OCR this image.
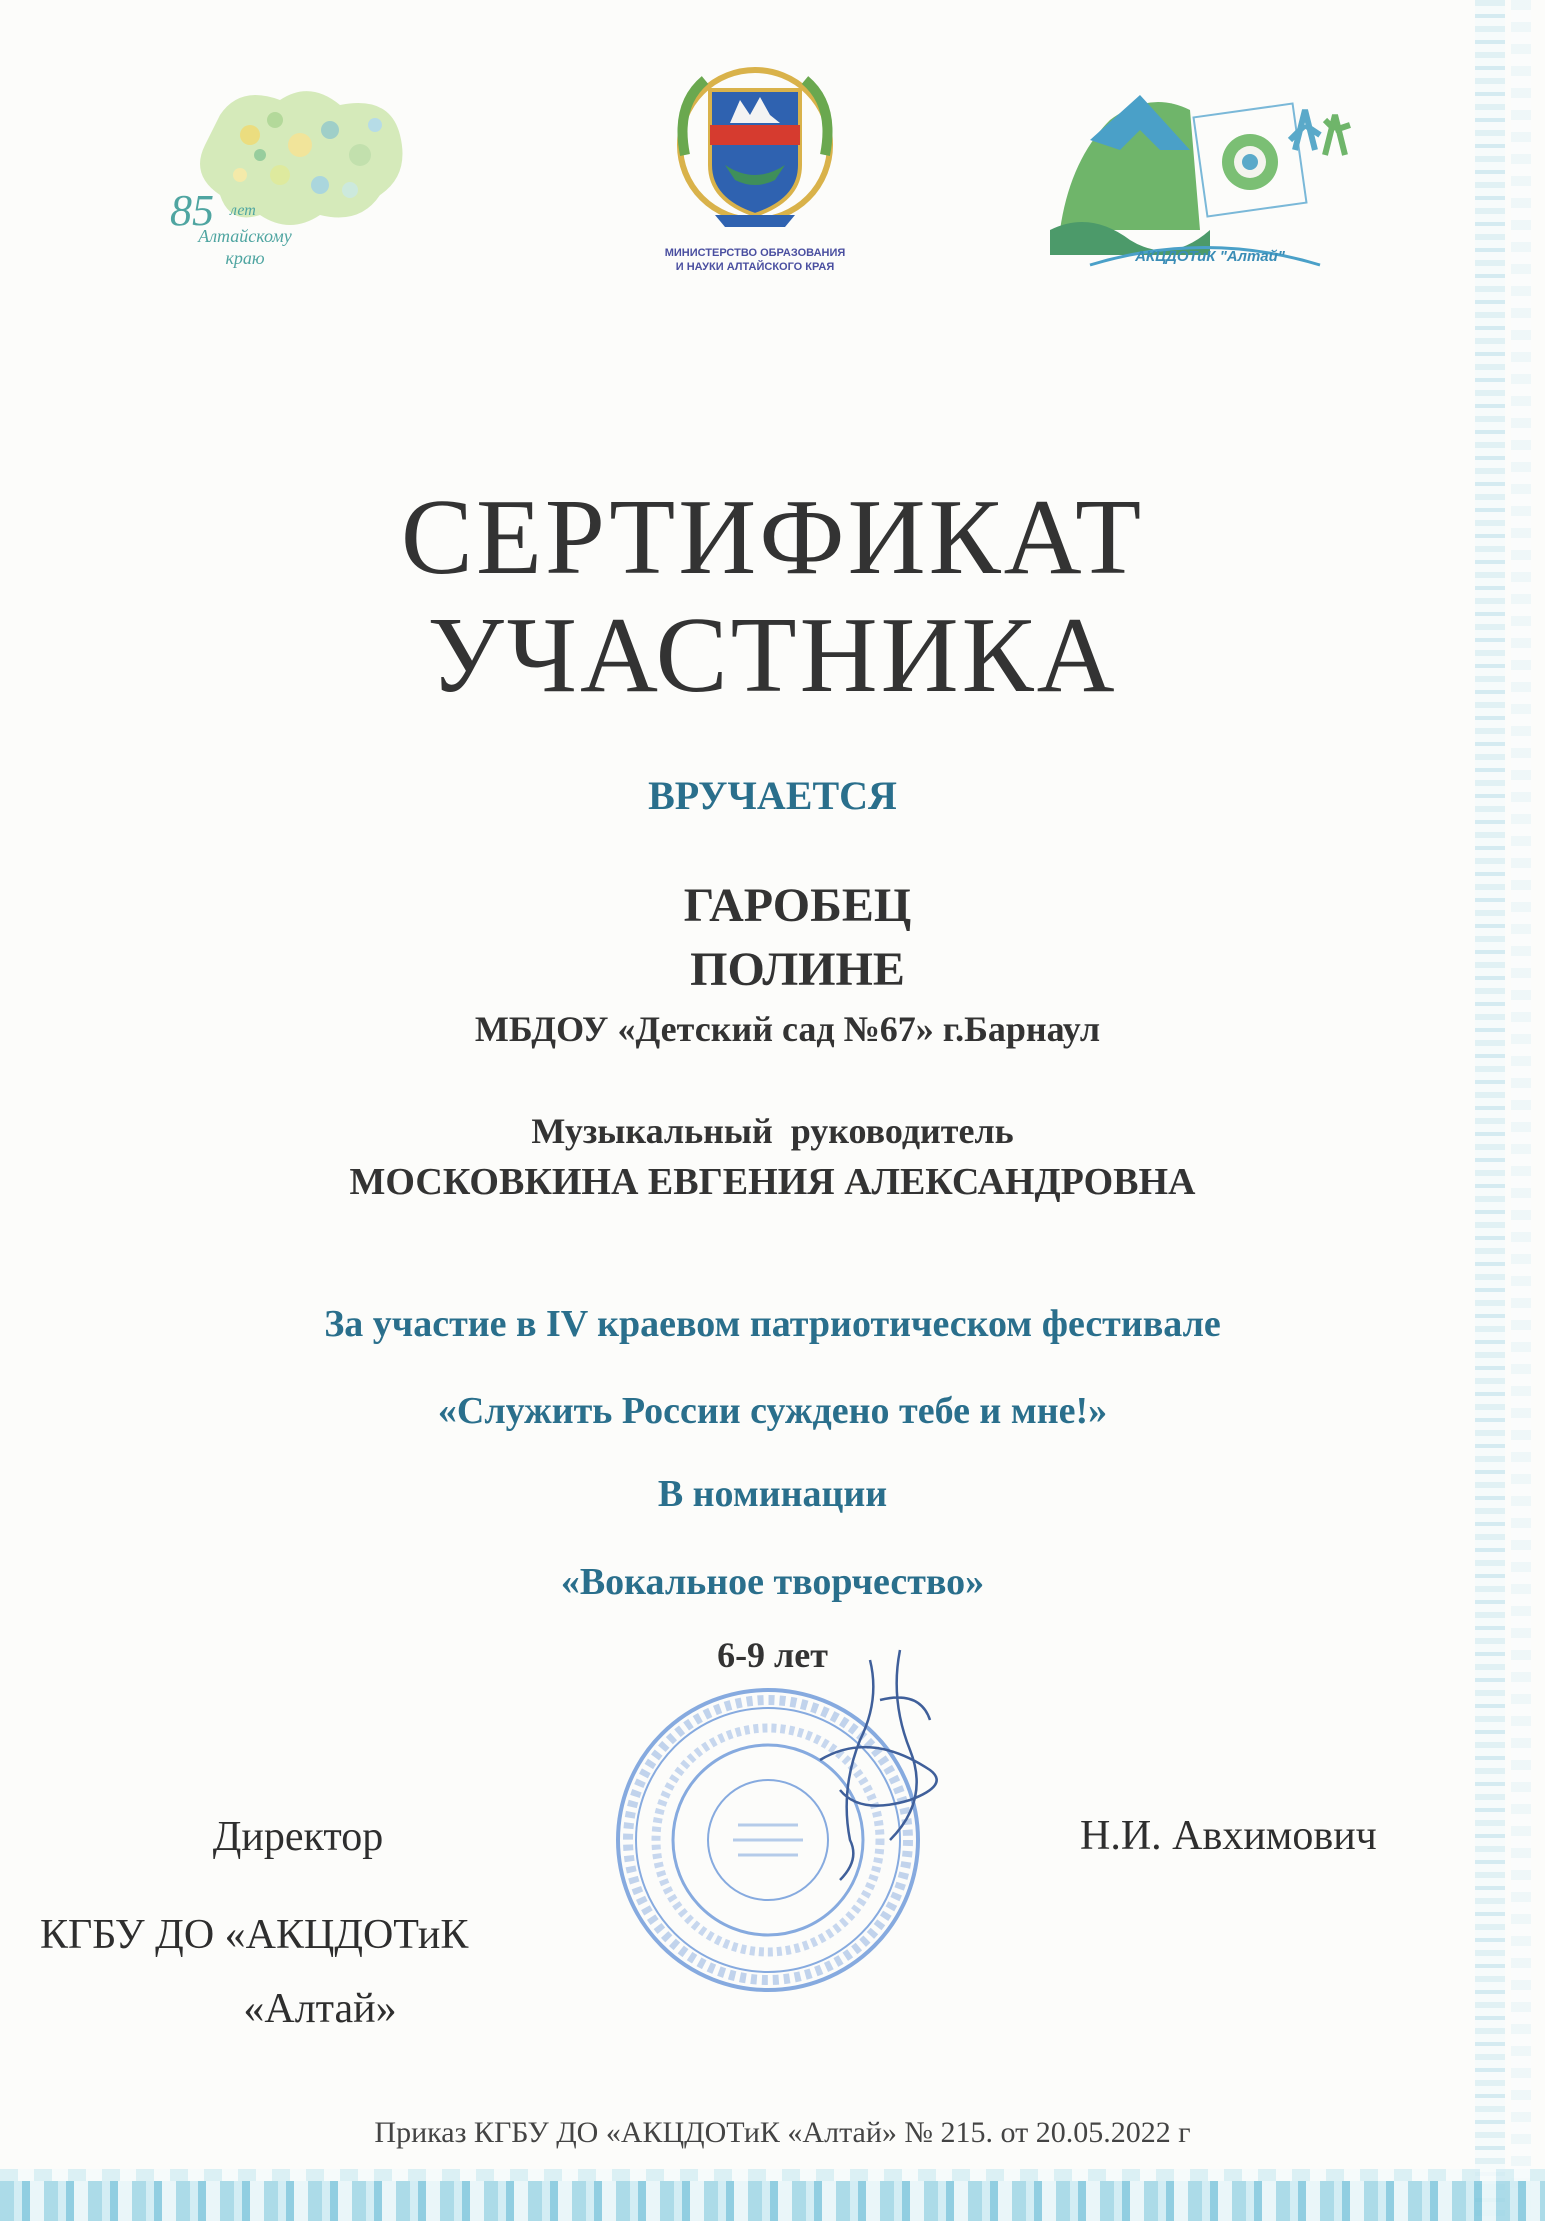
85 лет
Алтайскому
краю	МИНИСТЕРСТВО ОБРАЗОВАНИЯ
И НАУКИ АЛТАЙСКОГО КРАЯ
АКЦДОТиК "Алтай"
СЕРТИФИКАТ
УЧАСТНИКА
ВРУЧАЕТСЯ
ГАРОБЕЦ
ПОЛИНЕ
МБДОУ «Детский сад №67» г.Барнаул
Музыкальный  руководитель
МОСКОВКИНА ЕВГЕНИЯ АЛЕКСАНДРОВНА
За участие в IV краевом патриотическом фестивале
«Служить России суждено тебе и мне!»
В номинации
«Вокальное творчество»
6-9 лет
Директор
КГБУ ДО «АКЦДОТиК
«Алтай»
Н.И. Авхимович
Приказ КГБУ ДО «АКЦДОТиК «Алтай» № 215. от 20.05.2022 г
